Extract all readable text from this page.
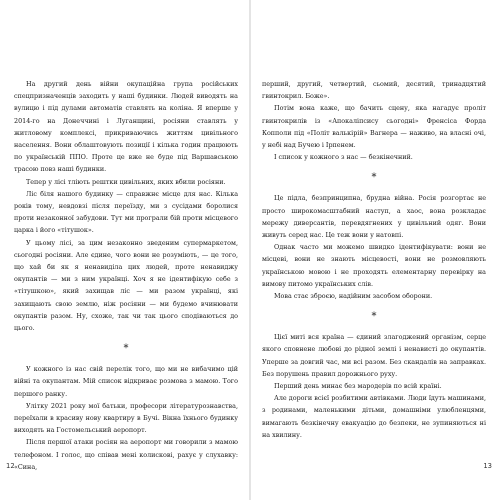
На другий день війни окупаційна група російських спецпризначенців заходить у наші будинки. Людей виводять на вулицю і під дулами автоматів ставлять на коліна. Я вперше у 2014-го на Донеччині і Луганщині, росіяни ставлять у житловому комплексі, прикриваючись життям цивільного населення. Вони облаштовують позиції і кілька годин працюють по українській ППО. Проте це вже не буде під Варшавською трасою повз наші будинки.

Тепер у лісі тліють рештки цивільних, яких вбили росіяни.

Ліс біля нашого будинку — справжнє місце для нас. Кілька років тому, невдовзі після переїзду, ми з сусідами боролися проти незаконної забудови. Тут ми програли бій проти місцевого царка і його «тітушок».

У цьому лісі, за цим незаконно зведеним супермаркетом, сьогодні росіяни. Але єдине, чого вони не розуміють, — це того, що хай би як я ненавиділа цих людей, проте ненавиджу окупантів — ми з ним українці. Хоч я не ідентифікую себе з «тітушкою», який захищав ліс — ми разом українці, які захищають свою землю, ніж росіяни — ми будемо вчинювати окупантів разом. Ну, схоже, так чи так цього сподіваються до цього.

*

У кожного із нас свій перелік того, що ми не вибачимо цій війні та окупантам. Мій список відкриває розмова з мамою. Того першого ранку.

Улітку 2021 року мої батьки, професори літературознавства, переїхали в красиву нову квартиру в Бучі. Вікна їхнього будинку виходять на Гостомельський аеропорт.

Після першої атаки росіян на аеропорт ми говорили з мамою телефоном. І голос, що співав мені колискові, рахує у слухавку: «Сина,

12

перший, другий, четвертий, сьомий, десятий, тринадцятий гвинтокрил. Боже».

Потім вона каже, що бачить сцену, яка нагадує проліт гвинтокрилів із «Апокаліпсису сьогодні» Френсіса Форда Копполи під «Політ валькірій» Вагнера — наживо, на власні очі, у небі над Бучею і Ірпенем.

І список у кожного з нас — безкінечний.

*

Це підла, безпринципна, брудна війна. Росія розгортає не просто широкомасштабний наступ, а хаос, вона розкладає мережу диверсантів, перевдягнених у цивільний одяг. Вони живуть серед нас. Це теж вони у натовпі.

Однак часто ми можемо швидко ідентифікувати: вони не місцеві, вони не знають місцевості, вони не розмовляють українською мовою і не проходять елементарну перевірку на вимову питомо українських слів.

Мова стає зброєю, надійним засобом оборони.

*

Цієї миті вся країна — єдиний злагоджений організм, серце якого сповнене любові до рідної землі і ненависті до окупантів. Уперше за довгий час, ми всі разом. Без скандалів на заправках. Без порушень правил дорожнього руху.

Перший день минає без мародерів по всій країні.

Але дороги всієї розбитими автівками. Люди їдуть машинами, з родинами, маленькими дітьми, домашніми улюбленцями, вимагають безкінечну евакуацію до безпеки, не зупиняються ні на хвилину.

13
